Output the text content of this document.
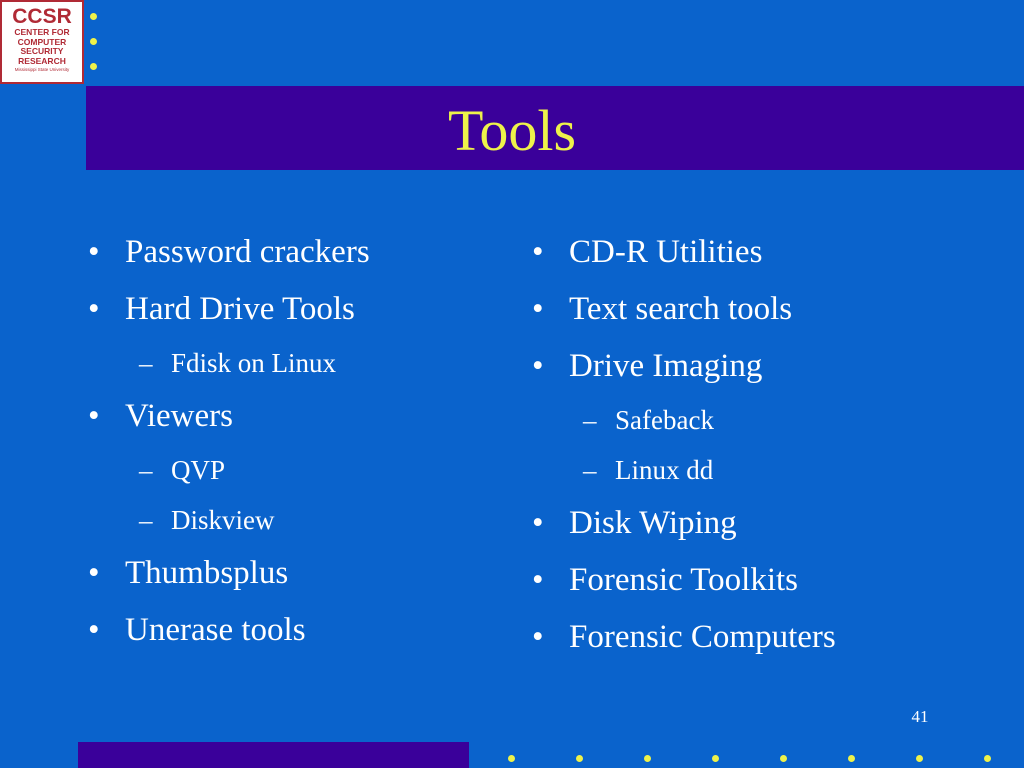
CCSR
CENTER FOR
COMPUTER
SECURITY
RESEARCH
Mississippi State University
Tools
• Password crackers
• Hard Drive Tools
– Fdisk on Linux
• Viewers
– QVP
– Diskview
• Thumbsplus
• Unerase tools
• CD-R Utilities
• Text search tools
• Drive Imaging
– Safeback
– Linux dd
• Disk Wiping
• Forensic Toolkits
• Forensic Computers
41
